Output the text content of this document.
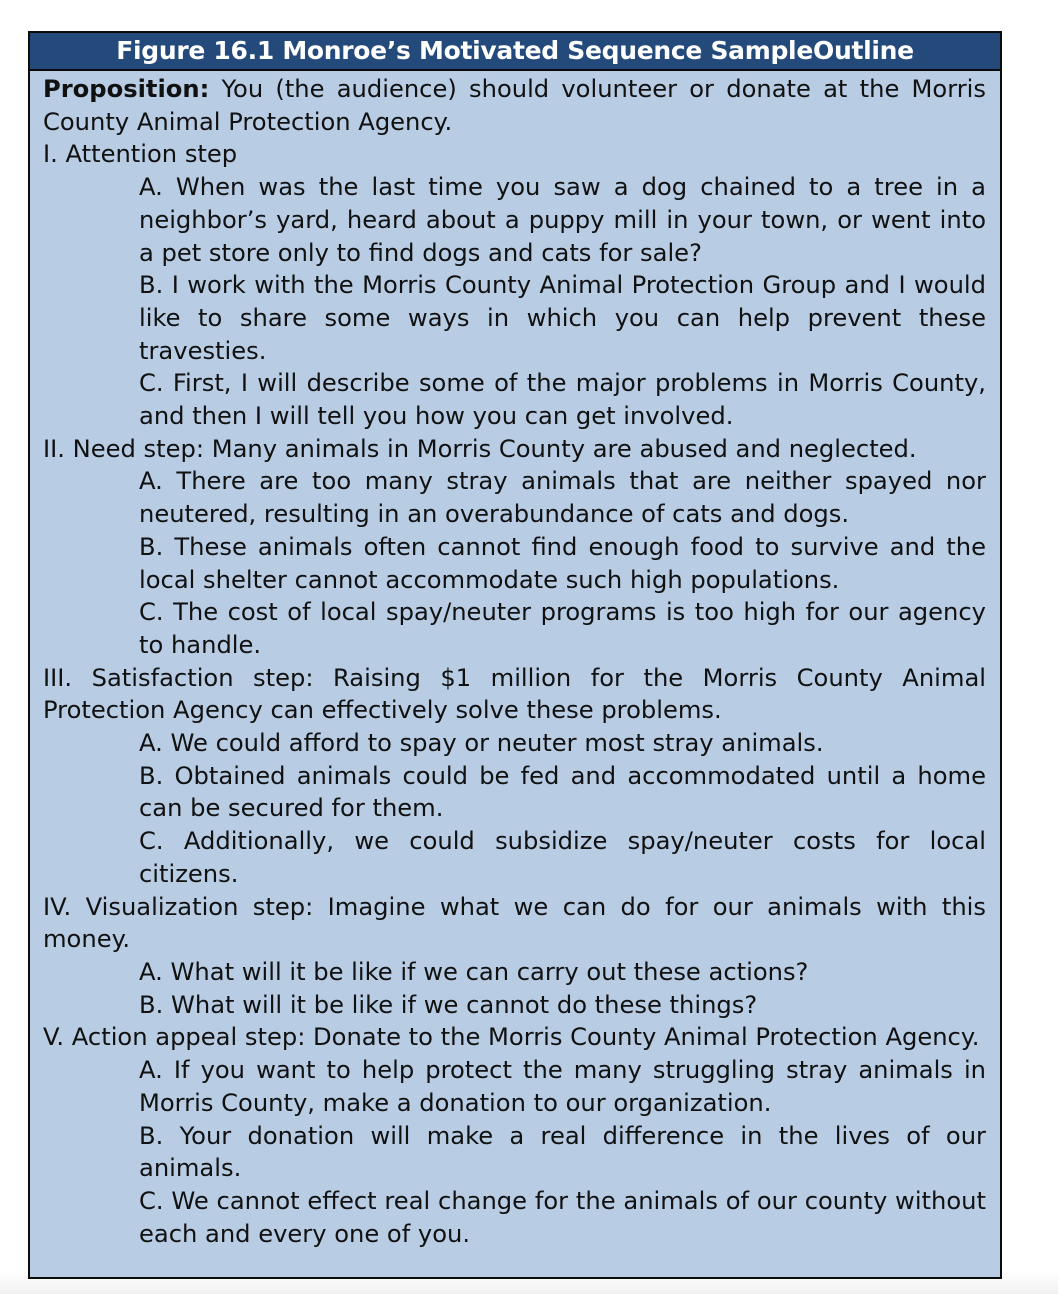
Figure 16.1 Monroe’s Motivated Sequence SampleOutline
Proposition: You (the audience) should volunteer or donate at the Morris County Animal Protection Agency.
I. Attention step
A. When was the last time you saw a dog chained to a tree in a neighbor’s yard, heard about a puppy mill in your town, or went into a pet store only to find dogs and cats for sale?
B. I work with the Morris County Animal Protection Group and I would like to share some ways in which you can help prevent these travesties.
C. First, I will describe some of the major problems in Morris County, and then I will tell you how you can get involved.
II. Need step: Many animals in Morris County are abused and neglected.
A. There are too many stray animals that are neither spayed nor neutered, resulting in an overabundance of cats and dogs.
B. These animals often cannot find enough food to survive and the local shelter cannot accommodate such high populations.
C. The cost of local spay/neuter programs is too high for our agency to handle.
III. Satisfaction step: Raising $1 million for the Morris County Animal Protection Agency can effectively solve these problems.
A. We could afford to spay or neuter most stray animals.
B. Obtained animals could be fed and accommodated until a home can be secured for them.
C. Additionally, we could subsidize spay/neuter costs for local citizens.
IV. Visualization step: Imagine what we can do for our animals with this money.
A. What will it be like if we can carry out these actions?
B. What will it be like if we cannot do these things?
V. Action appeal step: Donate to the Morris County Animal Protection Agency.
A. If you want to help protect the many struggling stray animals in Morris County, make a donation to our organization.
B. Your donation will make a real difference in the lives of our animals.
C. We cannot effect real change for the animals of our county without each and every one of you.
